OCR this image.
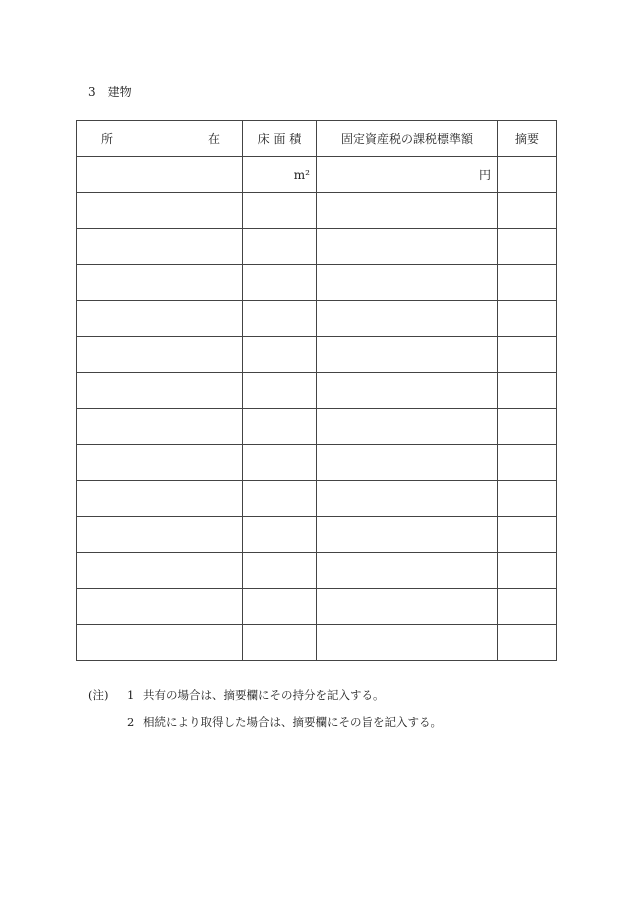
3 建物
所 在	床 面 積	固定資産税の課税標準額	摘要
	m²	円	

(注)	1 共有の場合は、摘要欄にその持分を記入する。
2 相続により取得した場合は、摘要欄にその旨を記入する。
